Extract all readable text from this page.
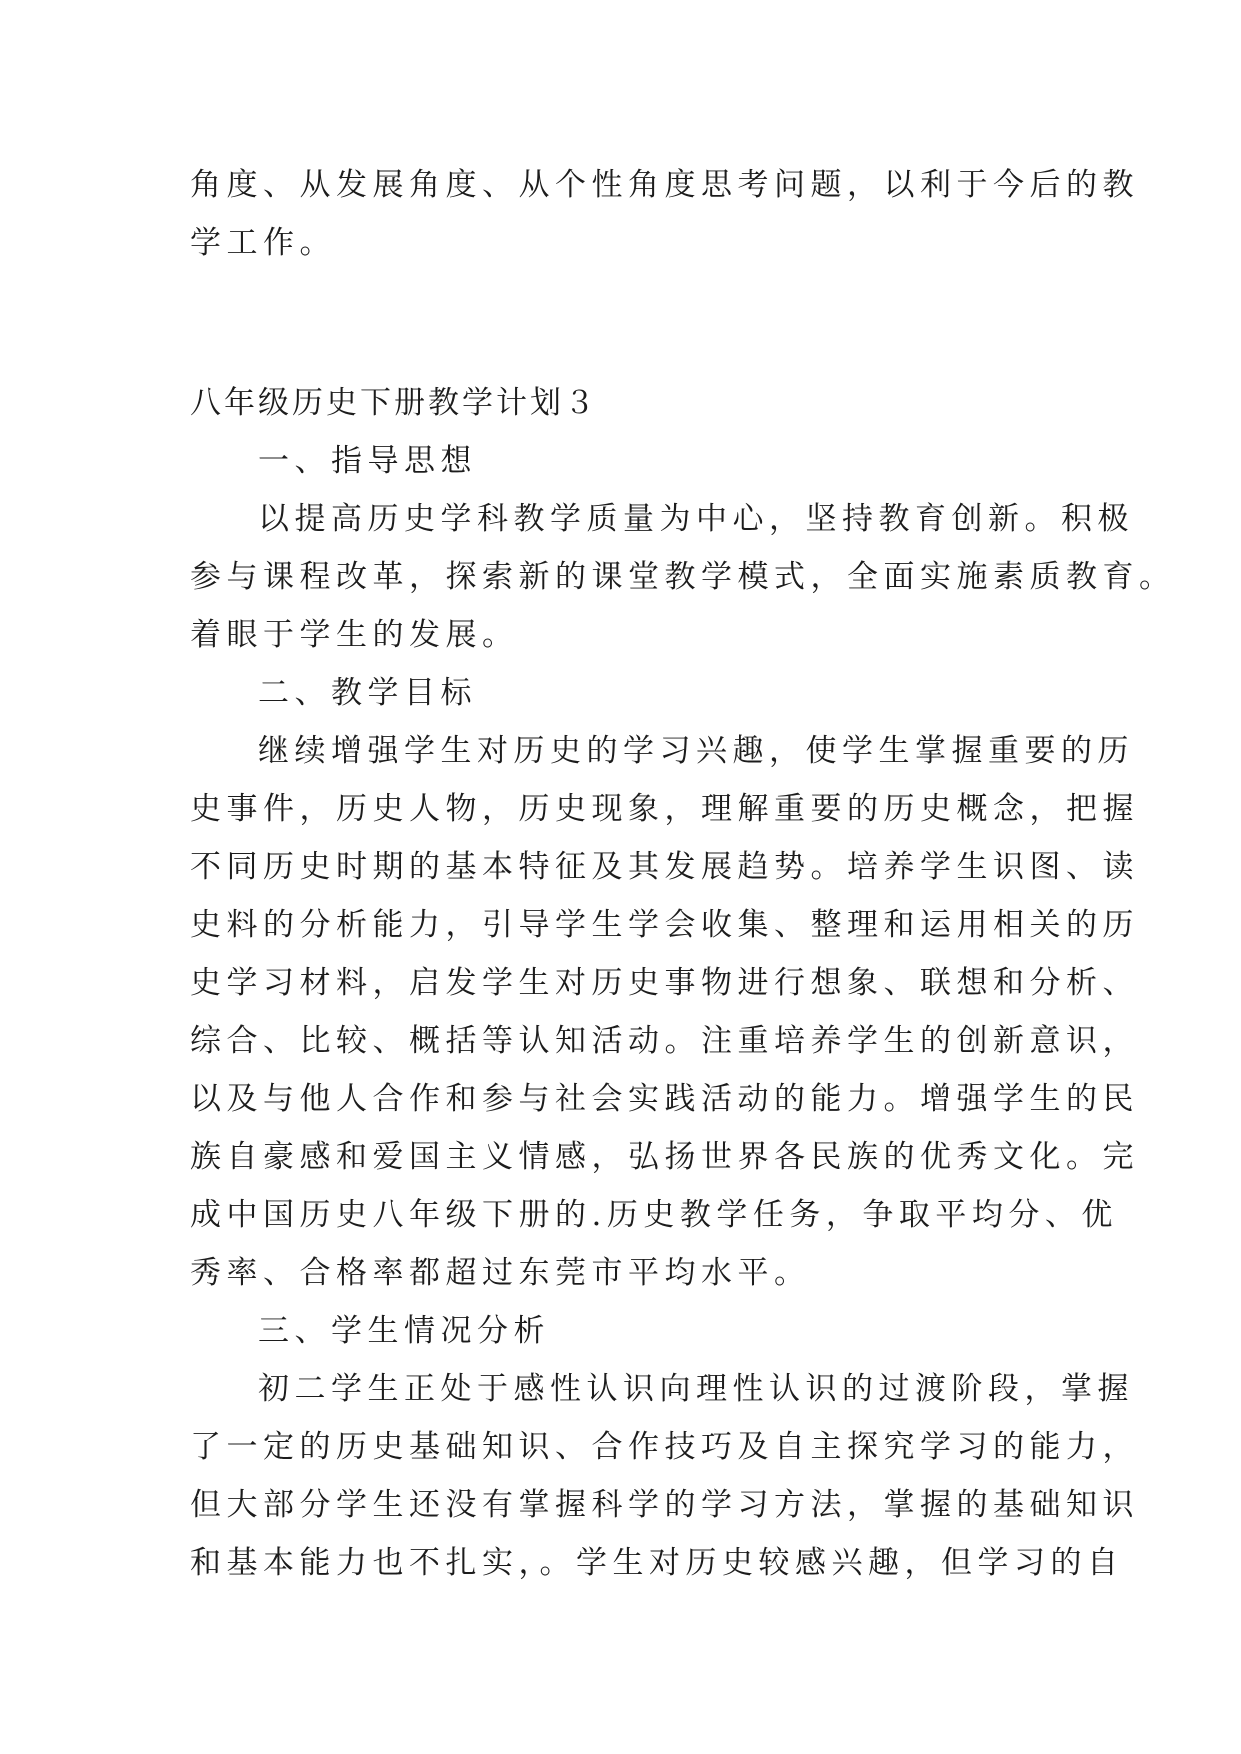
角度、从发展角度、从个性角度思考问题，以利于今后的教
学工作。
八年级历史下册教学计划３
一、指导思想
以提高历史学科教学质量为中心，坚持教育创新。积极
参与课程改革，探索新的课堂教学模式，全面实施素质教育。
着眼于学生的发展。
二、教学目标
继续增强学生对历史的学习兴趣，使学生掌握重要的历
史事件，历史人物，历史现象，理解重要的历史概念，把握
不同历史时期的基本特征及其发展趋势。培养学生识图、读
史料的分析能力，引导学生学会收集、整理和运用相关的历
史学习材料，启发学生对历史事物进行想象、联想和分析、
综合、比较、概括等认知活动。注重培养学生的创新意识，
以及与他人合作和参与社会实践活动的能力。增强学生的民
族自豪感和爱国主义情感，弘扬世界各民族的优秀文化。完
成中国历史八年级下册的.历史教学任务，争取平均分、优
秀率、合格率都超过东莞市平均水平。
三、学生情况分析
初二学生正处于感性认识向理性认识的过渡阶段，掌握
了一定的历史基础知识、合作技巧及自主探究学习的能力，
但大部分学生还没有掌握科学的学习方法，掌握的基础知识
和基本能力也不扎实，。学生对历史较感兴趣，但学习的自
